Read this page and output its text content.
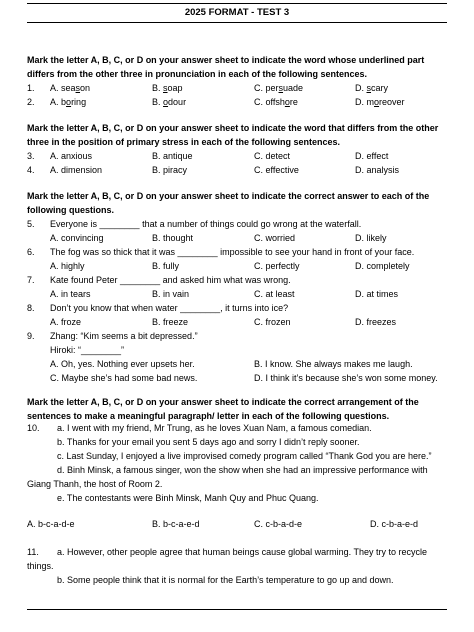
2025 FORMAT - TEST 3
Mark the letter A, B, C, or D on your answer sheet to indicate the word whose underlined part differs from the other three in pronunciation in each of the following sentences.
1. A. season	B. soap	C. persuade	D. scary
2. A. boring	B. odour	C. offshore	D. moreover
Mark the letter A, B, C, or D on your answer sheet to indicate the word that differs from the other three in the position of primary stress in each of the following sentences.
3. A. anxious	B. antique	C. detect	D. effect
4. A. dimension	B. piracy	C. effective	D. analysis
Mark the letter A, B, C, or D on your answer sheet to indicate the correct answer to each of the following questions.
5. Everyone is ________ that a number of things could go wrong at the waterfall.
A. convincing	B. thought	C. worried	D. likely
6. The fog was so thick that it was ________ impossible to see your hand in front of your face.
A. highly	B. fully	C. perfectly	D. completely
7. Kate found Peter ________ and asked him what was wrong.
A. in tears	B. in vain	C. at least	D. at times
8. Don’t you know that when water ________, it turns into ice?
A. froze	B. freeze	C. frozen	D. freezes
9. Zhang: “Kim seems a bit depressed.”
Hiroki: “________”
A. Oh, yes. Nothing ever upsets her.	B. I know. She always makes me laugh.
C. Maybe she’s had some bad news.	D. I think it’s because she’s won some money.
Mark the letter A, B, C, or D on your answer sheet to indicate the correct arrangement of the sentences to make a meaningful paragraph/ letter in each of the following questions.
10. a. I went with my friend, Mr Trung, as he loves Xuan Nam, a famous comedian.
b. Thanks for your email you sent 5 days ago and sorry I didn’t reply sooner.
c. Last Sunday, I enjoyed a live improvised comedy program called “Thank God you are here.”
d. Binh Minsk, a famous singer, won the show when she had an impressive performance with
Giang Thanh, the host of Room 2.
e. The contestants were Binh Minsk, Manh Quy and Phuc Quang.
A. b-c-a-d-e	B. b-c-a-e-d	C. c-b-a-d-e	D. c-b-a-e-d
11. a. However, other people agree that human beings cause global warming. They try to recycle
things.
b. Some people think that it is normal for the Earth’s temperature to go up and down.
